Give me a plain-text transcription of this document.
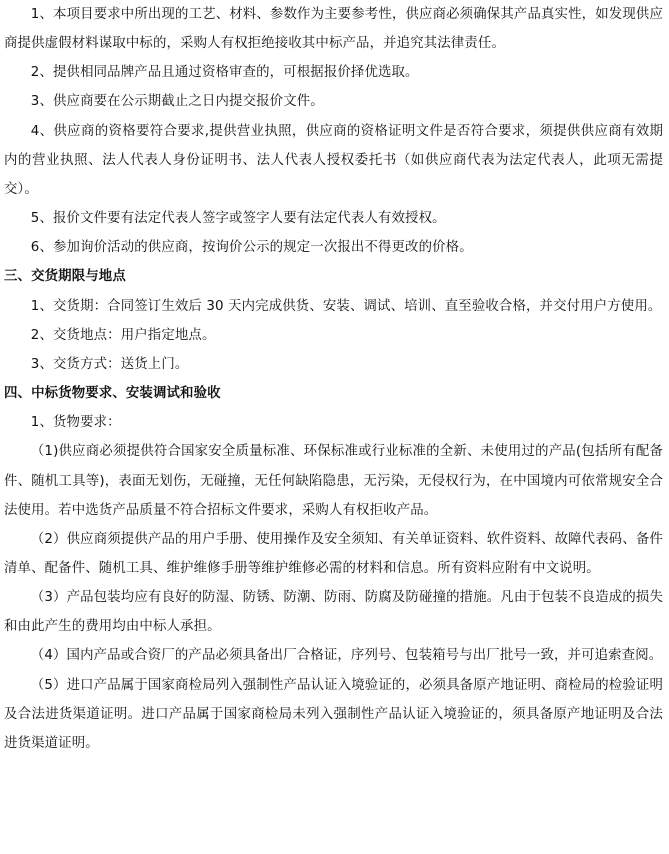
1、本项目要求中所出现的工艺、材料、参数作为主要参考性，供应商必须确保其产品真实性，如发现供应商提供虚假材料谋取中标的，采购人有权拒绝接收其中标产品，并追究其法律责任。

2、提供相同品牌产品且通过资格审查的，可根据报价择优选取。

3、供应商要在公示期截止之日内提交报价文件。

4、供应商的资格要符合要求,提供营业执照，供应商的资格证明文件是否符合要求，须提供供应商有效期内的营业执照、法人代表人身份证明书、法人代表人授权委托书（如供应商代表为法定代表人，此项无需提交）。

5、报价文件要有法定代表人签字或签字人要有法定代表人有效授权。

6、参加询价活动的供应商，按询价公示的规定一次报出不得更改的价格。

三、交货期限与地点

1、交货期：合同签订生效后 30 天内完成供货、安装、调试、培训、直至验收合格，并交付用户方使用。

2、交货地点：用户指定地点。

3、交货方式：送货上门。

四、中标货物要求、安装调试和验收

1、货物要求：

（1)供应商必须提供符合国家安全质量标准、环保标准或行业标准的全新、未使用过的产品(包括所有配备件、随机工具等)，表面无划伤，无碰撞，无任何缺陷隐患，无污染，无侵权行为，在中国境内可依常规安全合法使用。若中选货产品质量不符合招标文件要求，采购人有权拒收产品。

（2）供应商须提供产品的用户手册、使用操作及安全须知、有关单证资料、软件资料、故障代表码、备件清单、配备件、随机工具、维护维修手册等维护维修必需的材料和信息。所有资料应附有中文说明。

（3）产品包装均应有良好的防湿、防锈、防潮、防雨、防腐及防碰撞的措施。凡由于包装不良造成的损失和由此产生的费用均由中标人承担。

（4）国内产品或合资厂的产品必须具备出厂合格证，序列号、包装箱号与出厂批号一致，并可追索查阅。

（5）进口产品属于国家商检局列入强制性产品认证入境验证的，必须具备原产地证明、商检局的检验证明及合法进货渠道证明。进口产品属于国家商检局未列入强制性产品认证入境验证的，须具备原产地证明及合法进货渠道证明。
